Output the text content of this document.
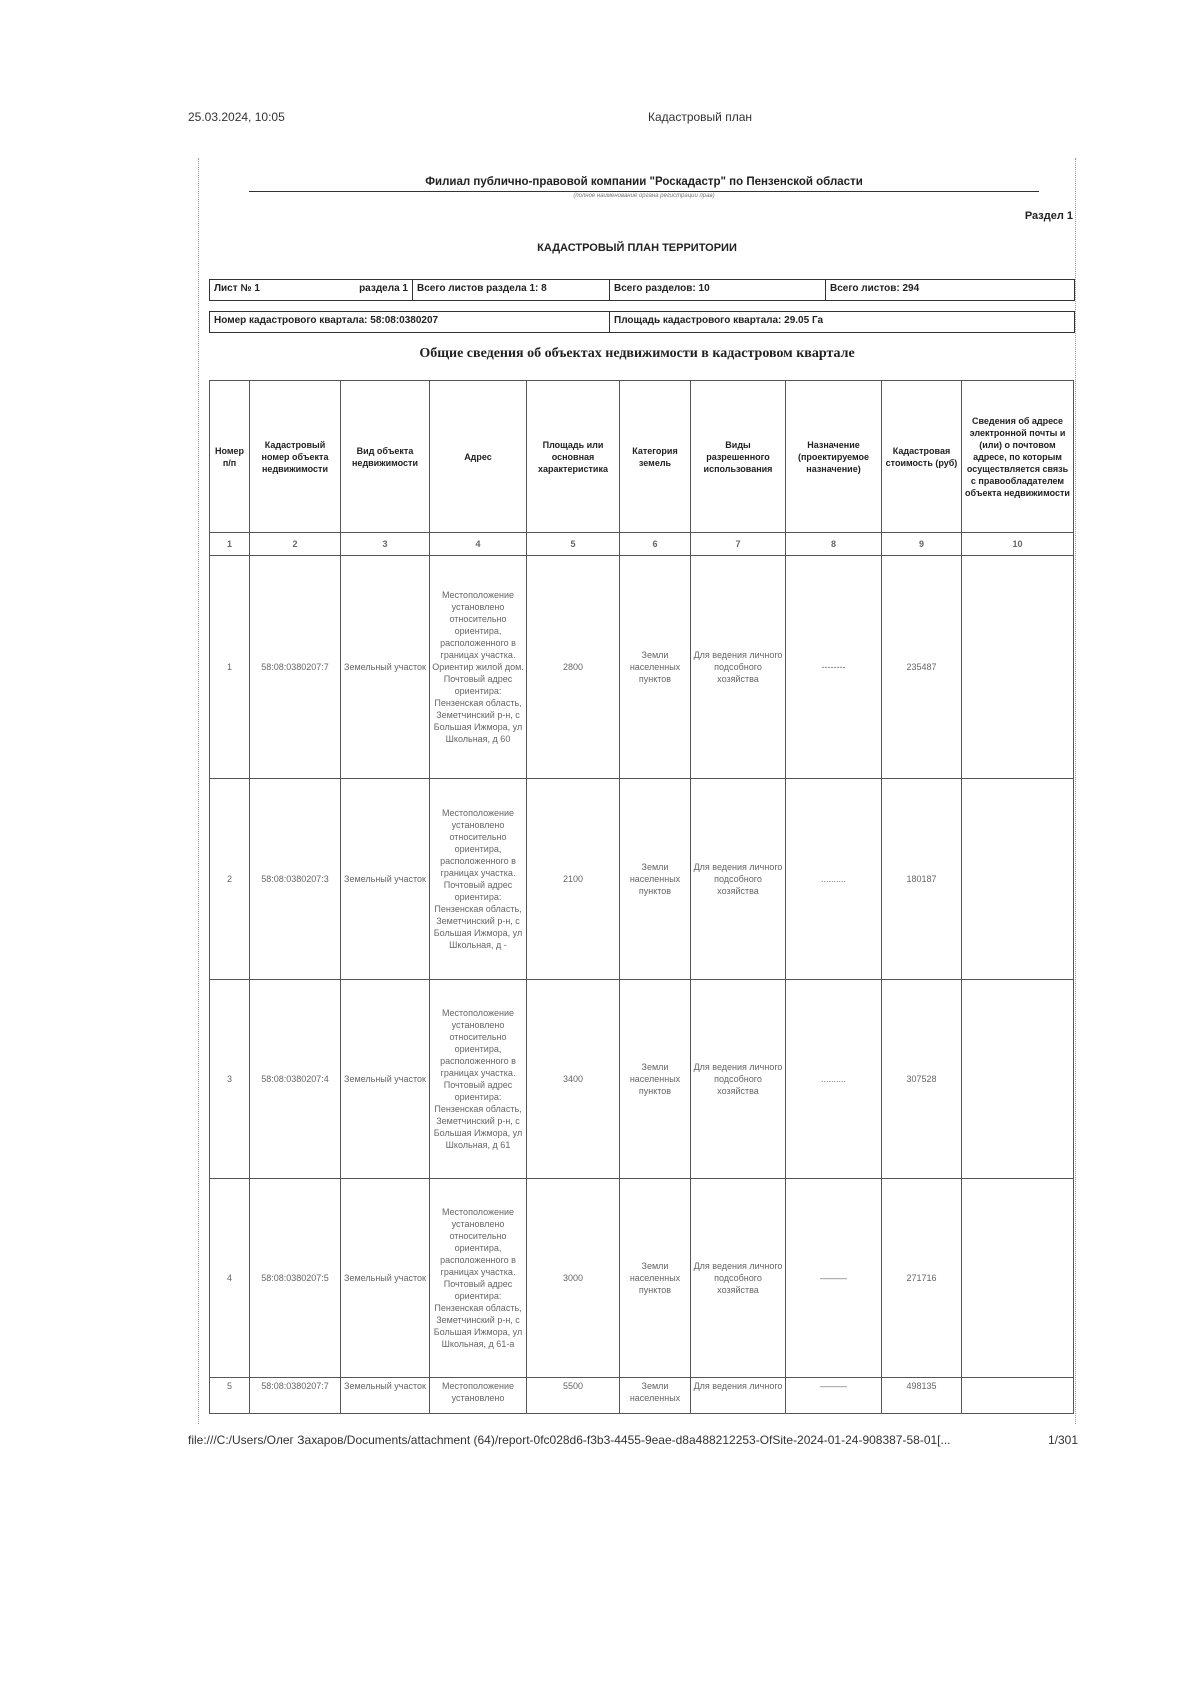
25.03.2024, 10:05	Кадастровый план
Филиал публично-правовой компании "Роскадастр" по Пензенской области
(полное наименование органа регистрации прав)
Раздел 1
КАДАСТРОВЫЙ ПЛАН ТЕРРИТОРИИ
Лист № 1	раздела 1 Всего листов раздела 1: 8	Всего разделов: 10	Всего листов: 294
Номер кадастрового квартала: 58:08:0380207	Площадь кадастрового квартала: 29.05 Га
Общие сведения об объектах недвижимости в кадастровом квартале
Номер п/п	Кадастровый номер объекта недвижимости	Вид объекта недвижимости	Адрес	Площадь или основная характеристика	Категория земель	Виды разрешенного использования	Назначение (проектируемое назначение)	Кадастровая стоимость (руб)	Сведения об адресе электронной почты и (или) о почтовом адресе, по которым осуществляется связь с правообладателем объекта недвижимости
1	2	3	4	5	6	7	8	9	10
1	58:08:0380207:7	Земельный участок	Местоположение установлено относительно ориентира, расположенного в границах участка. Ориентир жилой дом. Почтовый адрес ориентира: Пензенская область, Земетчинский р-н, с Большая Ижмора, ул Школьная, д 60	2800	Земли населенных пунктов	Для ведения личного подсобного хозяйства	--------	235487	
2	58:08:0380207:3	Земельный участок	Местоположение установлено относительно ориентира, расположенного в границах участка. Почтовый адрес ориентира: Пензенская область, Земетчинский р-н, с Большая Ижмора, ул Школьная, д -	2100	Земли населенных пунктов	Для ведения личного подсобного хозяйства	..........	180187	
3	58:08:0380207:4	Земельный участок	Местоположение установлено относительно ориентира, расположенного в границах участка. Почтовый адрес ориентира: Пензенская область, Земетчинский р-н, с Большая Ижмора, ул Школьная, д 61	3400	Земли населенных пунктов	Для ведения личного подсобного хозяйства	..........	307528	
4	58:08:0380207:5	Земельный участок	Местоположение установлено относительно ориентира, расположенного в границах участка. Почтовый адрес ориентира: Пензенская область, Земетчинский р-н, с Большая Ижмора, ул Школьная, д 61-а	3000	Земли населенных пунктов	Для ведения личного подсобного хозяйства	———	271716	
5	58:08:0380207:7	Земельный участок	Местоположение установлено	5500	Земли населенных	Для ведения личного	———	498135	
file:///C:/Users/Олег Захаров/Documents/attachment (64)/report-0fc028d6-f3b3-4455-9eae-d8a488212253-OfSite-2024-01-24-908387-58-01[...	1/301
